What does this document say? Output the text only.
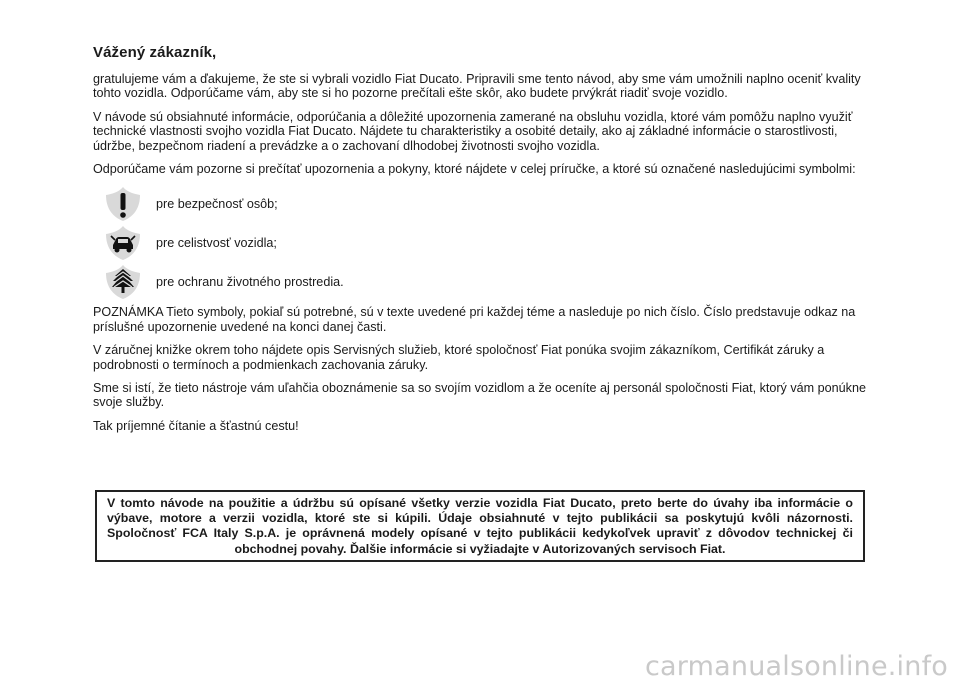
Vážený zákazník,

gratulujeme vám a ďakujeme, že ste si vybrali vozidlo Fiat Ducato. Pripravili sme tento návod, aby sme vám umožnili naplno oceniť kvality tohto vozidla. Odporúčame vám, aby ste si ho pozorne prečítali ešte skôr, ako budete prvýkrát riadiť svoje vozidlo.

V návode sú obsiahnuté informácie, odporúčania a dôležité upozornenia zamerané na obsluhu vozidla, ktoré vám pomôžu naplno využiť technické vlastnosti svojho vozidla Fiat Ducato. Nájdete tu charakteristiky a osobité detaily, ako aj základné informácie o starostlivosti, údržbe, bezpečnom riadení a prevádzke a o zachovaní dlhodobej životnosti svojho vozidla.

Odporúčame vám pozorne si prečítať upozornenia a pokyny, ktoré nájdete v celej príručke, a ktoré sú označené nasledujúcimi symbolmi:

pre bezpečnosť osôb;
pre celistvosť vozidla;
pre ochranu životného prostredia.

POZNÁMKA Tieto symboly, pokiaľ sú potrebné, sú v texte uvedené pri každej téme a nasleduje po nich číslo. Číslo predstavuje odkaz na príslušné upozornenie uvedené na konci danej časti.

V záručnej knižke okrem toho nájdete opis Servisných služieb, ktoré spoločnosť Fiat ponúka svojim zákazníkom, Certifikát záruky a podrobnosti o termínoch a podmienkach zachovania záruky.

Sme si istí, že tieto nástroje vám uľahčia oboznámenie sa so svojím vozidlom a že oceníte aj personál spoločnosti Fiat, ktorý vám ponúkne svoje služby.

Tak príjemné čítanie a šťastnú cestu!

V tomto návode na použitie a údržbu sú opísané všetky verzie vozidla Fiat Ducato, preto berte do úvahy iba informácie o výbave, motore a verzii vozidla, ktoré ste si kúpili. Údaje obsiahnuté v tejto publikácii sa poskytujú kvôli názornosti. Spoločnosť FCA Italy S.p.A. je oprávnená modely opísané v tejto publikácii kedykoľvek upraviť z dôvodov technickej či obchodnej povahy. Ďalšie informácie si vyžiadajte v Autorizovaných servisoch Fiat.
carmanualsonline.info
